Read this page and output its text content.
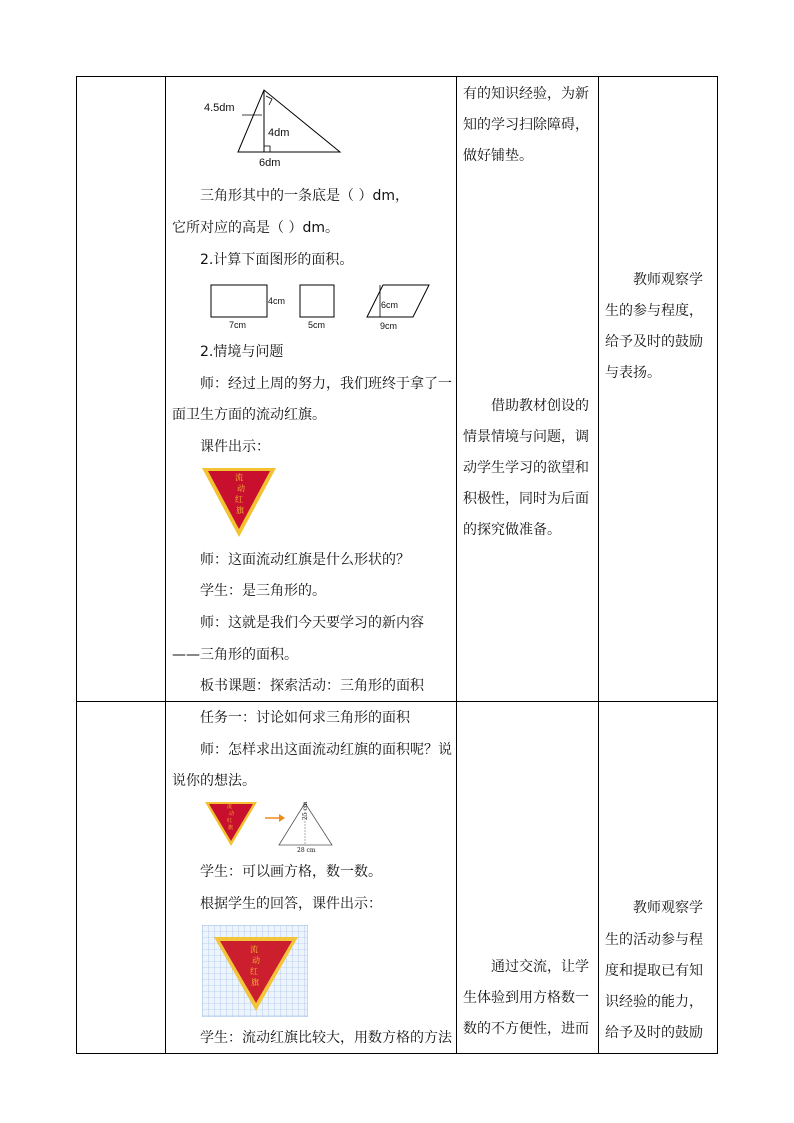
4.5dm
4dm
6dm
三角形其中的一条底是（ ）dm，
它所对应的高是（ ）dm。
2.计算下面图形的面积。
4cm
7cm	5cm
6cm
9cm
2.情境与问题
师：经过上周的努力，我们班终于拿了一
面卫生方面的流动红旗。
课件出示：
流
动
红
旗
师：这面流动红旗是什么形状的？
学生：是三角形的。
师：这就是我们今天要学习的新内容
——三角形的面积。
板书课题：探索活动：三角形的面积
有的知识经验，为新
知的学习扫除障碍，
做好铺垫。
借助教材创设的
情景情境与问题，调
动学生学习的欲望和
积极性，同时为后面
的探究做准备。
教师观察学
生的参与程度，
给予及时的鼓励
与表扬。
任务一：讨论如何求三角形的面积
师：怎样求出这面流动红旗的面积呢？说
说你的想法。
流
动
红
旗
25 cm
28 cm
学生：可以画方格，数一数。
根据学生的回答，课件出示：
流
动
红
旗
学生：流动红旗比较大，用数方格的方法
通过交流，让学
生体验到用方格数一
数的不方便性，进而
教师观察学
生的活动参与程
度和提取已有知
识经验的能力，
给予及时的鼓励
